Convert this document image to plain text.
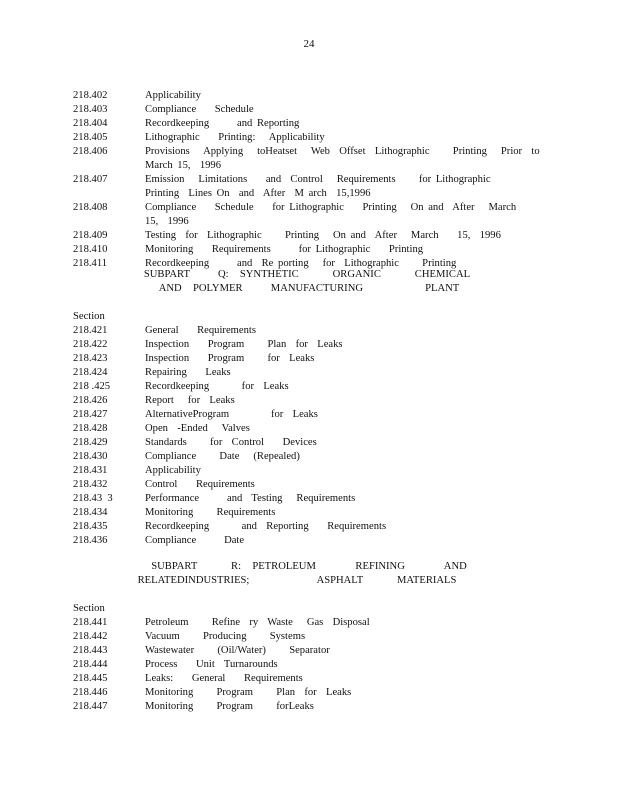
24
218.402	Applicability
218.403	Compliance    Schedule
218.404	Recordkeeping      and Reporting
218.405	Lithographic    Printing:   Applicability
218.406	Provisions   Applying   toHeatset   Web  Offset  Lithographic     Printing   Prior  to March 15,  1996
218.407	Emission   Limitations    and  Control   Requirements     for Lithographic    Printing  Lines On  and  After  M arch  15,1996
218.408	Compliance    Schedule    for Lithographic    Printing   On and  After   March    15,  1996
218.409	Testing  for  Lithographic     Printing   On and  After   March    15,  1996
218.410	Monitoring    Requirements      for Lithographic    Printing
218.411	Recordkeeping      and  Re porting   for  Lithographic     Printing
SUBPART     Q:  SYNTHETIC      ORGANIC      CHEMICAL
AND  POLYMER     MANUFACTURING           PLANT
Section
218.421	General    Requirements
218.422	Inspection    Program     Plan  for  Leaks
218.423	Inspection    Program     for  Leaks
218.424	Repairing    Leaks
218 .425	Recordkeeping       for  Leaks
218.426	Report   for  Leaks
218.427	AlternativeProgram         for  Leaks
218.428	Open  -Ended   Valves
218.429	Standards     for  Control    Devices
218.430	Compliance     Date   (Repealed)
218.431	Applicability
218.432	Control    Requirements
218.43  3	Performance      and  Testing   Requirements
218.434	Monitoring     Requirements
218.435	Recordkeeping       and  Reporting    Requirements
218.436	Compliance      Date
SUBPART      R:  PETROLEUM       REFINING       AND
RELATEDINDUSTRIES;            ASPHALT      MATERIALS
Section
218.441	Petroleum     Refine  ry  Waste   Gas  Disposal
218.442	Vacuum     Producing     Systems
218.443	Wastewater     (Oil/Water)     Separator
218.444	Process    Unit  Turnarounds
218.445	Leaks:    General    Requirements
218.446	Monitoring     Program     Plan  for  Leaks
218.447	Monitoring     Program     forLeaks
